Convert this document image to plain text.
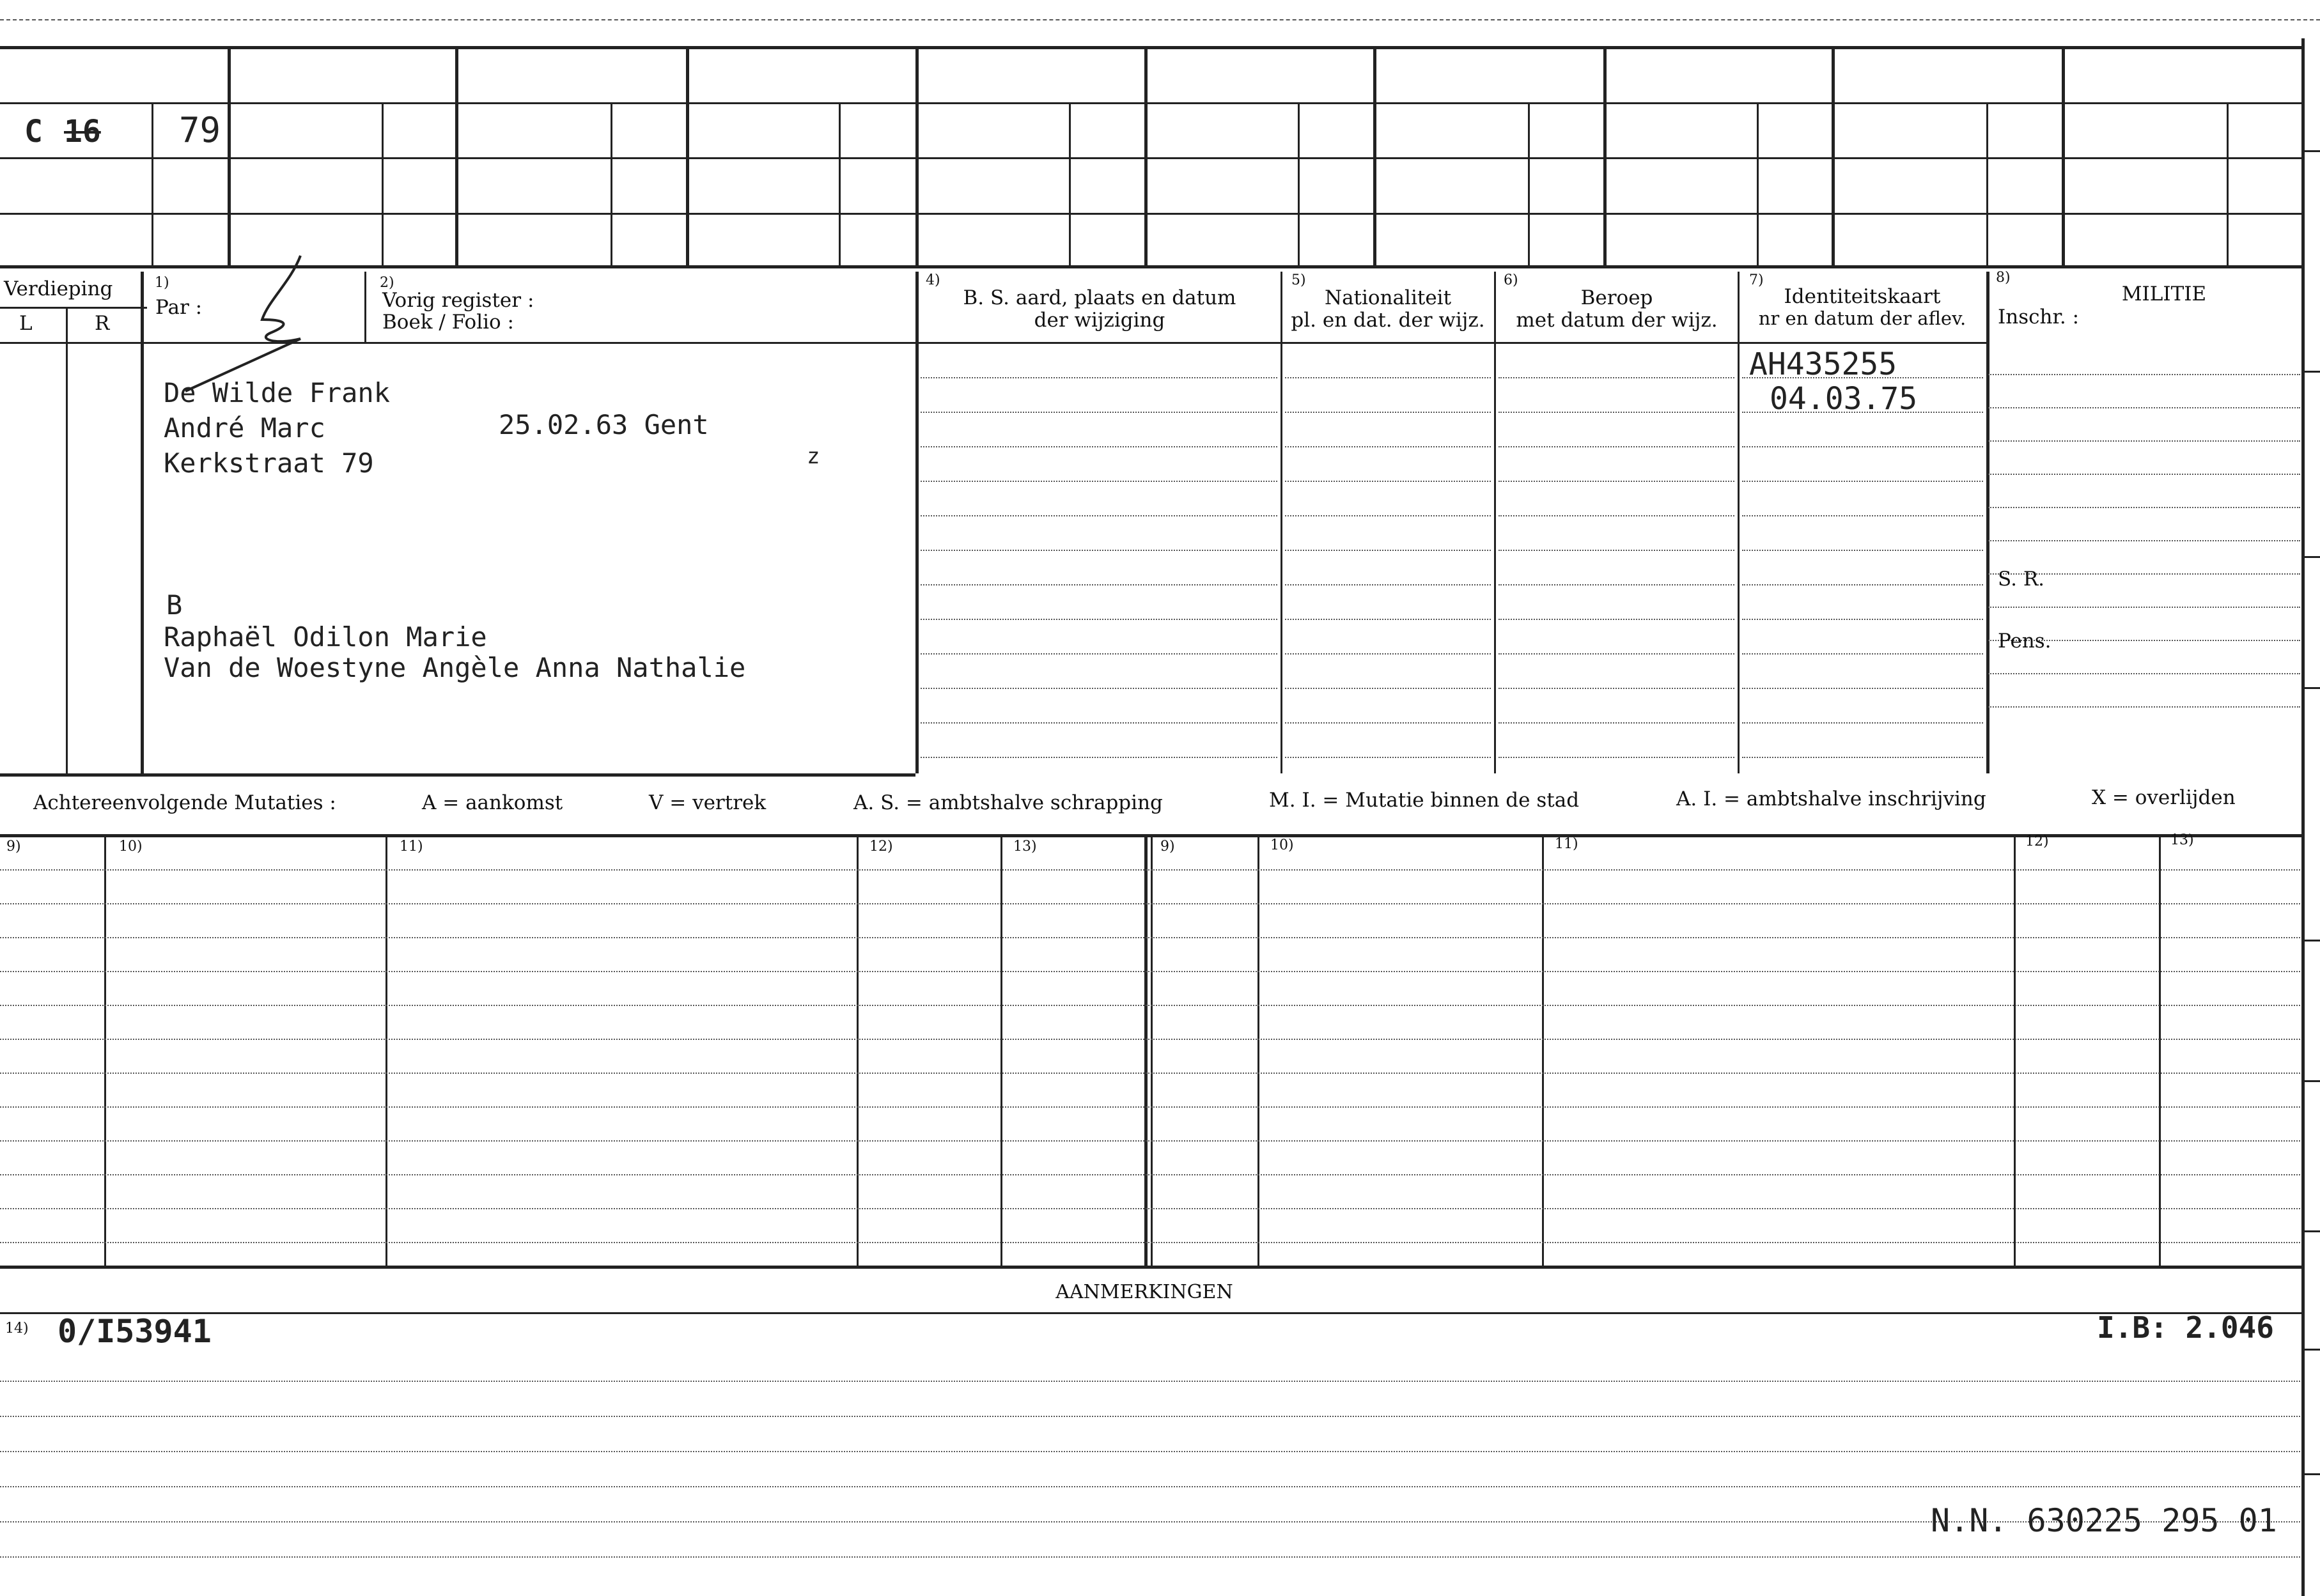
C 16 79
Verdieping
L	R
1)
Par :
2)
Vorig register :
Boek / Folio :
4)
B. S. aard, plaats en datum
der wijziging
5)
Nationaliteit
pl. en dat. der wijz.
6)
Beroep
met datum der wijz.
7)
Identiteitskaart
nr en datum der aflev.
8)
MILITIE
Inschr. :
S. R.
Pens.
De Wilde Frank
André Marc	25.02.63 Gent
Kerkstraat 79	z
B
Raphaël Odilon Marie
Van de Woestyne Angèle Anna Nathalie
AH435255
04.03.75
Achtereenvolgende Mutaties :	A = aankomst	V = vertrek	A. S. = ambtshalve schrapping	M. I. = Mutatie binnen de stad	A. I. = ambtshalve inschrijving	X = overlijden
9)	10)	11)	12)	13)	9)	10)	11)	12)	13)
AANMERKINGEN
14) 0/I53941	I.B: 2.046
N.N. 630225 295 01
